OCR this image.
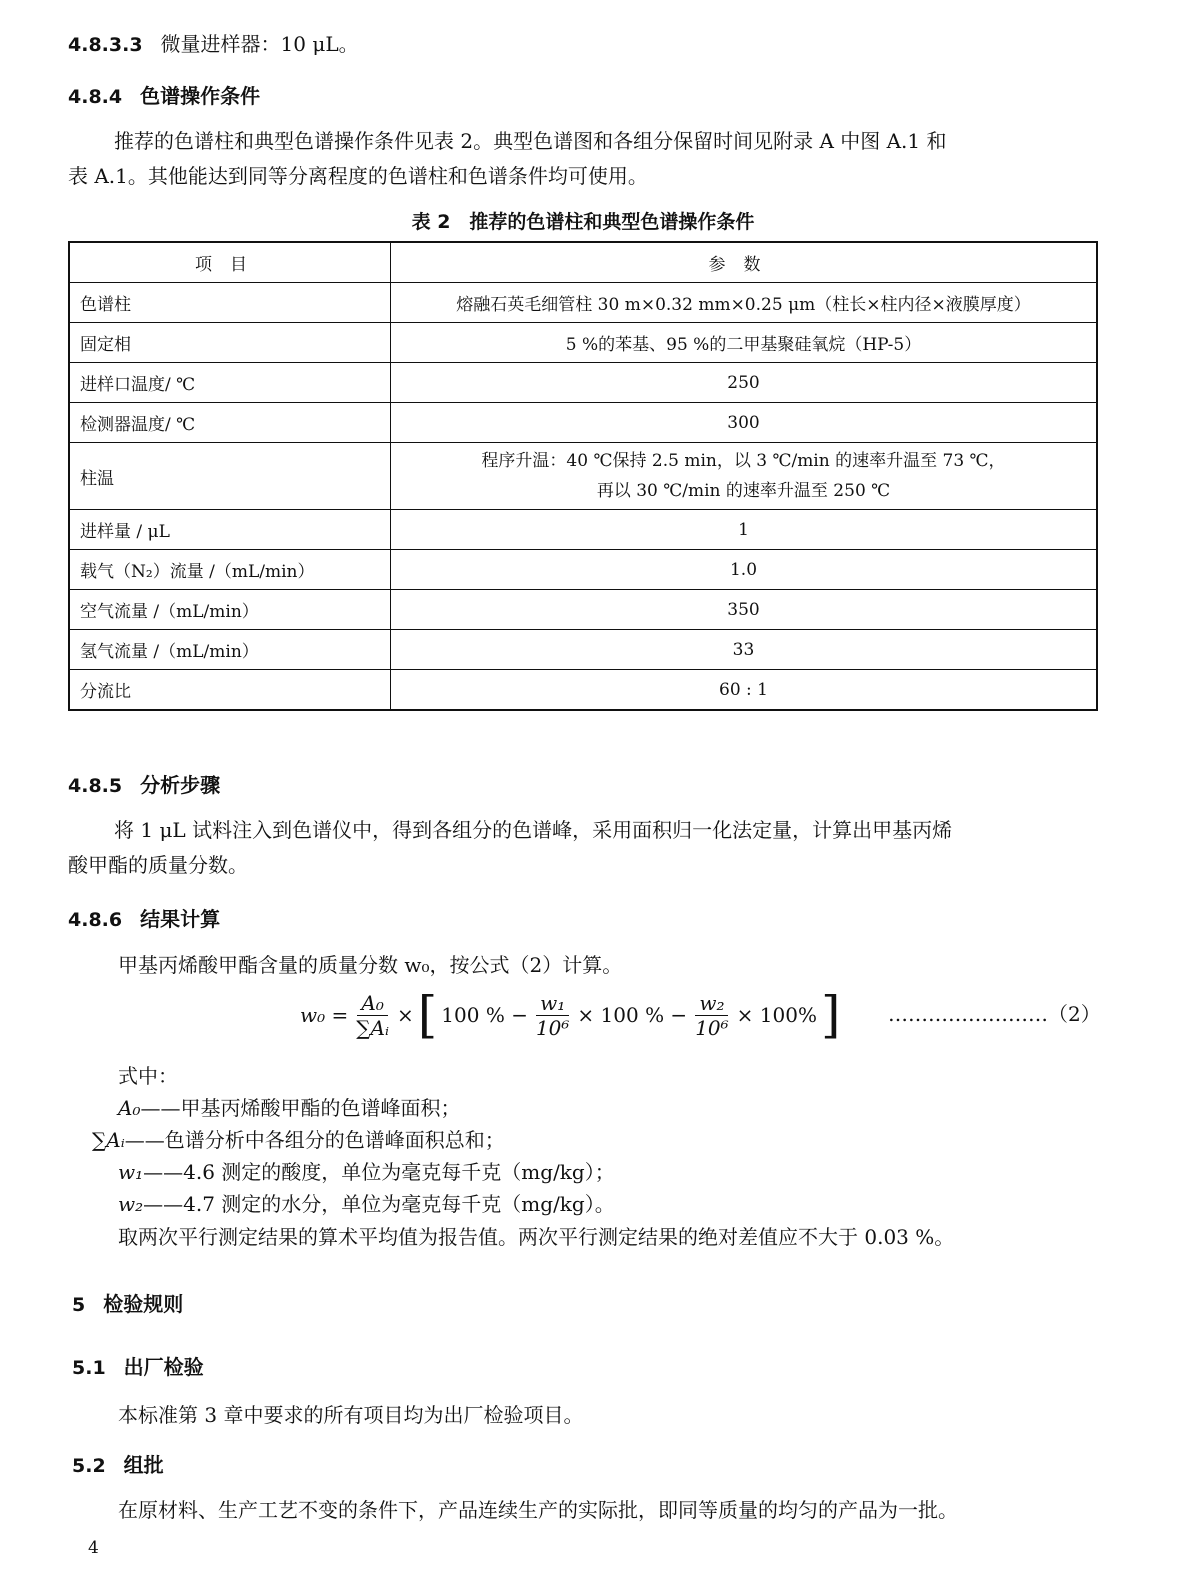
4.8.3.3 微量进样器：10 μL。
4.8.4 色谱操作条件
推荐的色谱柱和典型色谱操作条件见表 2。典型色谱图和各组分保留时间见附录 A 中图 A.1 和
表 A.1。其他能达到同等分离程度的色谱柱和色谱条件均可使用。
表 2　推荐的色谱柱和典型色谱操作条件
项目	参数
色谱柱	熔融石英毛细管柱 30 m×0.32 mm×0.25 μm（柱长×柱内径×液膜厚度）
固定相	5 %的苯基、95 %的二甲基聚硅氧烷（HP-5）
进样口温度/ ℃	250
检测器温度/ ℃	300
柱温	程序升温：40 ℃保持 2.5 min，以 3 ℃/min 的速率升温至 73 ℃，
再以 30 ℃/min 的速率升温至 250 ℃

进样量 / μL	1
载气（N₂）流量 /（mL/min）	1.0
空气流量 /（mL/min）	350
氢气流量 /（mL/min）	33
分流比	60 : 1
4.8.5 分析步骤
将 1 μL 试料注入到色谱仪中，得到各组分的色谱峰，采用面积归一化法定量，计算出甲基丙烯
酸甲酯的质量分数。
4.8.6 结果计算
甲基丙烯酸甲酯含量的质量分数 w₀，按公式（2）计算。
$w_0 = \frac{\text{A₀}}{\text{∑Aᵢ}}$ × [ 100 % − $\frac{\text{w₁}}{\text{10⁶}} \times 100$ % − $\frac{\text{w₂}}{\text{10⁶}} \times 100\%$ ] ……………………（2）
式中：
A₀——甲基丙烯酸甲酯的色谱峰面积；
∑Aᵢ——色谱分析中各组分的色谱峰面积总和；
w₁——4.6 测定的酸度，单位为毫克每千克（mg/kg）；
w₂——4.7 测定的水分，单位为毫克每千克（mg/kg）。
取两次平行测定结果的算术平均值为报告值。两次平行测定结果的绝对差值应不大于 0.03 %。
5 检验规则
5.1 出厂检验
本标准第 3 章中要求的所有项目均为出厂检验项目。
5.2 组批
在原材料、生产工艺不变的条件下，产品连续生产的实际批，即同等质量的均匀的产品为一批。
4
